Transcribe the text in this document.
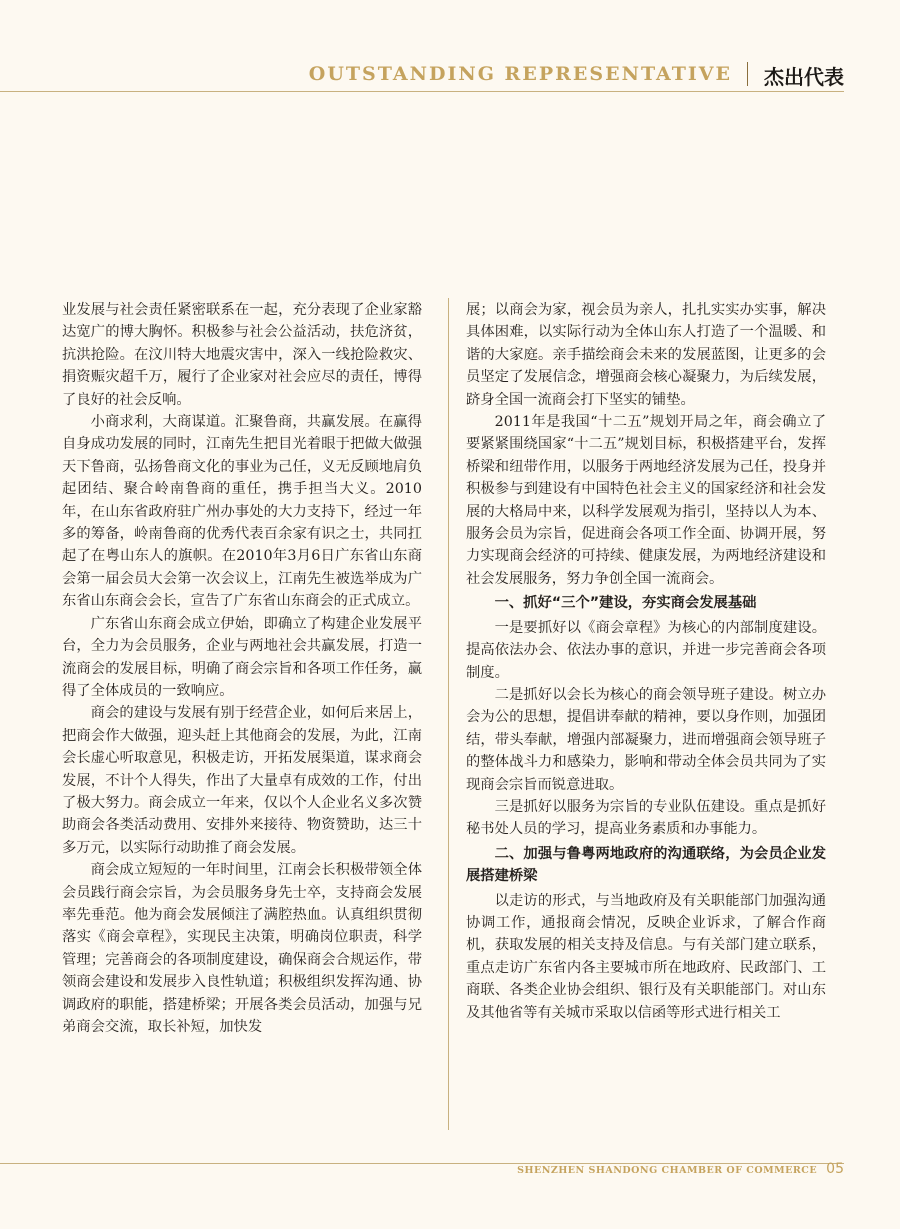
OUTSTANDING REPRESENTATIVE 杰出代表

业发展与社会责任紧密联系在一起，充分表现了企业家豁达宽广的博大胸怀。积极参与社会公益活动，扶危济贫，抗洪抢险。在汶川特大地震灾害中，深入一线抢险救灾、捐资赈灾超千万，履行了企业家对社会应尽的责任，博得了良好的社会反响。

小商求利，大商谋道。汇聚鲁商，共赢发展。在赢得自身成功发展的同时，江南先生把目光着眼于把做大做强天下鲁商，弘扬鲁商文化的事业为己任，义无反顾地肩负起团结、聚合岭南鲁商的重任，携手担当大义。2010年，在山东省政府驻广州办事处的大力支持下，经过一年多的筹备，岭南鲁商的优秀代表百余家有识之士，共同扛起了在粤山东人的旗帜。在2010年3月6日广东省山东商会第一届会员大会第一次会议上，江南先生被选举成为广东省山东商会会长，宣告了广东省山东商会的正式成立。

广东省山东商会成立伊始，即确立了构建企业发展平台，全力为会员服务，企业与两地社会共赢发展，打造一流商会的发展目标，明确了商会宗旨和各项工作任务，赢得了全体成员的一致响应。

商会的建设与发展有别于经营企业，如何后来居上，把商会作大做强，迎头赶上其他商会的发展，为此，江南会长虚心听取意见，积极走访，开拓发展渠道，谋求商会发展，不计个人得失，作出了大量卓有成效的工作，付出了极大努力。商会成立一年来，仅以个人企业名义多次赞助商会各类活动费用、安排外来接待、物资赞助，达三十多万元，以实际行动助推了商会发展。

商会成立短短的一年时间里，江南会长积极带领全体会员践行商会宗旨，为会员服务身先士卒，支持商会发展率先垂范。他为商会发展倾注了满腔热血。认真组织贯彻落实《商会章程》，实现民主决策，明确岗位职责，科学管理；完善商会的各项制度建设，确保商会合规运作，带领商会建设和发展步入良性轨道；积极组织发挥沟通、协调政府的职能，搭建桥梁；开展各类会员活动，加强与兄弟商会交流，取长补短，加快发

展；以商会为家，视会员为亲人，扎扎实实办实事，解决具体困难，以实际行动为全体山东人打造了一个温暖、和谐的大家庭。亲手描绘商会未来的发展蓝图，让更多的会员坚定了发展信念，增强商会核心凝聚力，为后续发展，跻身全国一流商会打下坚实的铺垫。

2011年是我国“十二五”规划开局之年，商会确立了要紧紧围绕国家“十二五”规划目标，积极搭建平台，发挥桥梁和纽带作用，以服务于两地经济发展为己任，投身并积极参与到建设有中国特色社会主义的国家经济和社会发展的大格局中来，以科学发展观为指引，坚持以人为本、服务会员为宗旨，促进商会各项工作全面、协调开展，努力实现商会经济的可持续、健康发展，为两地经济建设和社会发展服务，努力争创全国一流商会。

一、抓好“三个”建设，夯实商会发展基础

一是要抓好以《商会章程》为核心的内部制度建设。提高依法办会、依法办事的意识，并进一步完善商会各项制度。

二是抓好以会长为核心的商会领导班子建设。树立办会为公的思想，提倡讲奉献的精神，要以身作则，加强团结，带头奉献，增强内部凝聚力，进而增强商会领导班子的整体战斗力和感染力，影响和带动全体会员共同为了实现商会宗旨而锐意进取。

三是抓好以服务为宗旨的专业队伍建设。重点是抓好秘书处人员的学习，提高业务素质和办事能力。

二、加强与鲁粤两地政府的沟通联络，为会员企业发展搭建桥梁

以走访的形式，与当地政府及有关职能部门加强沟通协调工作，通报商会情况，反映企业诉求，了解合作商机，获取发展的相关支持及信息。与有关部门建立联系，重点走访广东省内各主要城市所在地政府、民政部门、工商联、各类企业协会组织、银行及有关职能部门。对山东及其他省等有关城市采取以信函等形式进行相关工

SHENZHEN SHANDONG CHAMBER OF COMMERCE 05
